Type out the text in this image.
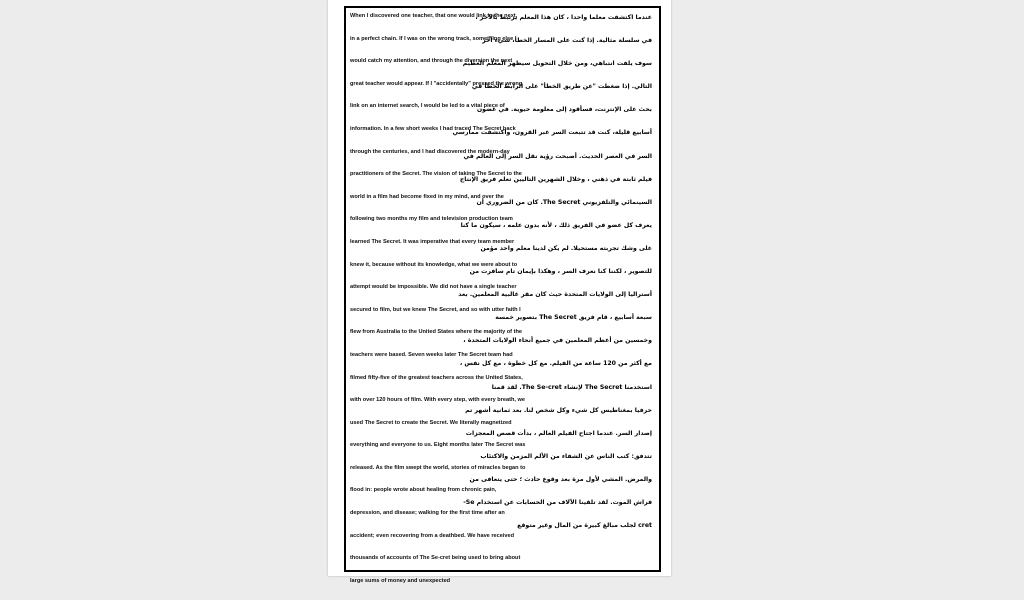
When I discovered one teacher, that one would link to the next,
in a perfect chain. If I was on the wrong track, something else
would catch my attention, and through the diversion the next
great teacher would appear. If I "accidentally" pressed the wrong
link on an internet search, I would be led to a vital piece of
information. In a few short weeks I had traced The Secret back
through the centuries, and I had discovered the modern-day
practitioners of the Secret. The vision of taking The Secret to the
world in a film had become fixed in my mind, and over the
following two months my film and television production team
learned The Secret. It was imperative that every team member
knew it, because without its knowledge, what we were about to
attempt would be impossible. We did not have a single teacher
secured to film, but we knew The Secret, and so with utter faith I
flew from Australia to the United States where the majority of the
teachers were based. Seven weeks later The Secret team had
filmed fifty-five of the greatest teachers across the United States,
with over 120 hours of film. With every step, with every breath, we
used The Secret to create the Secret. We literally magnetized
everything and everyone to us. Eight months later The Secret was
released. As the film swept the world, stories of miracles began to
flood in: people wrote about healing from chronic pain,
depression, and disease; walking for the first time after an
accident; even recovering from a deathbed. We have received
thousands of accounts of The Se-cret being used to bring about
large sums of money and unexpected
عندما اكتشفت معلما واحدا ، كان هذا المعلم يرتبط بالآخر ،
في سلسلة مثالية. إذا كنت على المسار الخطأ، شيء آخر
سوف يلفت انتباهي، ومن خلال التحويل سيظهر المعلم العظيم
التالي. إذا ضغطت "عن طريق الخطأ" على الرابط الخطأ في
بحث على الإنترنت، فسأقود إلى معلومة حيوية. في غضون
أسابيع قليلة، كنت قد تتبعت السر عبر القرون، واكتشفت ممارسي
السر في العصر الحديث. أصبحت رؤية نقل السر إلى العالم في
فيلم ثابتة في ذهني ، وخلال الشهرين التاليين تعلم فريق الإنتاج
السينمائي والتلفزيوني The Secret. كان من الضروري أن
يعرف كل عضو في الفريق ذلك ، لأنه بدون علمه ، سيكون ما كنا
على وشك تجربته مستحيلا. لم يكن لدينا معلم واحد مؤمن
للتصوير ، لكننا كنا نعرف السر ، وهكذا بإيمان تام سافرت من
أستراليا إلى الولايات المتحدة حيث كان مقر غالبية المعلمين. بعد
سبعة أسابيع ، قام فريق The Secret بتصوير خمسة
وخمسين من أعظم المعلمين في جميع أنحاء الولايات المتحدة ،
مع أكثر من 120 ساعة من الفيلم. مع كل خطوة ، مع كل نفس ،
استخدمنا The Secret لإنشاء The Se-cret. لقد قمنا
حرفيا بمغناطيس كل شيء وكل شخص لنا. بعد ثمانية أشهر تم
إصدار السر. عندما اجتاح الفيلم العالم ، بدأت قصص المعجزات
تتدفق: كتب الناس عن الشفاء من الألم المزمن والاكتئاب
والمرض. المشي لأول مرة بعد وقوع حادث ؛ حتى يتعافى من
فراش الموت. لقد تلقينا الآلاف من الحسابات عن استخدام Se-
cret لجلب مبالغ كبيرة من المال وغير متوقع
